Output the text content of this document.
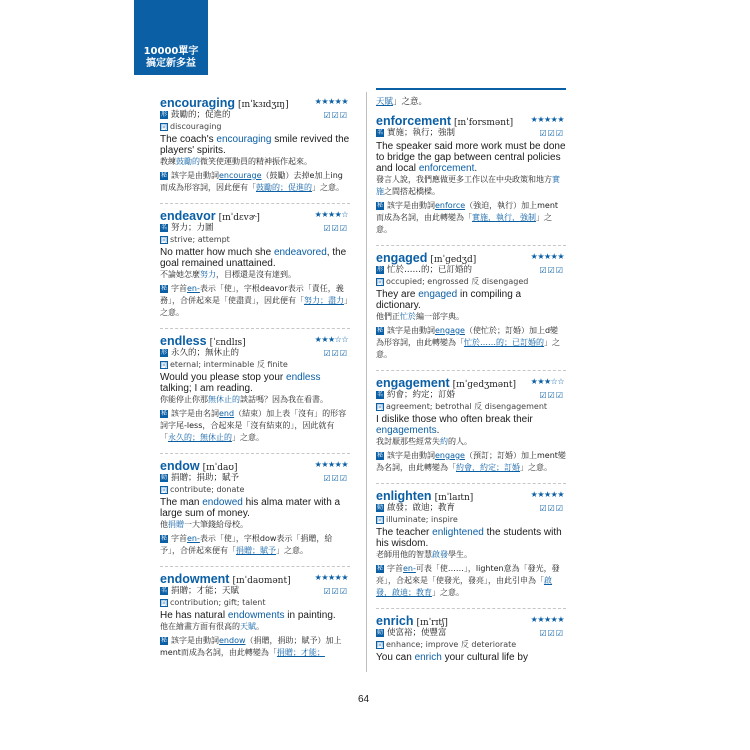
10000單字
搞定新多益
encouraging [ɪnˈkɜɪdʒɪŋ]	★★★★★
形 鼓勵的；促進的	☑☑☑
同 discouraging
The coach's encouraging smile revived the players' spirits.
教練鼓勵的微笑使運動員的精神振作起來。
秘 該字是由動詞encourage（鼓勵）去掉e加上ing而成為形容詞，因此便有「鼓勵的；促進的」之意。
endeavor [ɪnˈdɛvɚ]	★★★★☆
名 努力；力圖	☑☑☑
同 strive; attempt
No matter how much she endeavored, the goal remained unattained.
不論她怎麼努力，目標還是沒有達到。
秘 字首en-表示「使」，字根deavor表示「責任，義務」，合併起來是「使盡責」，因此便有「努力；盡力」之意。
endless [ˈɛndlɪs]	★★★☆☆
形 永久的；無休止的	☑☑☑
同 eternal; interminable 反 finite
Would you please stop your endless talking; I am reading.
你能停止你那無休止的談話嗎？因為我在看書。
秘 該字是由名詞end（結束）加上表「沒有」的形容詞字尾-less，合起來是「沒有結束的」，因此就有「永久的；無休止的」之意。
endow [ɪnˈdaʊ]	★★★★★
動 捐贈；捐助；賦予	☑☑☑
同 contribute; donate
The man endowed his alma mater with a large sum of money.
他捐贈一大筆錢給母校。
秘 字首en-表示「使」，字根dow表示「捐贈，給予」，合併起來便有「捐贈；賦予」之意。
endowment [ɪnˈdaʊmənt]	★★★★★
名 捐贈；才能；天賦	☑☑☑
同 contribution; gift; talent
He has natural endowments in painting.
他在繪畫方面有很高的天賦。
秘 該字是由動詞endow（捐贈，捐助；賦予）加上ment而成為名詞，由此轉變為「捐贈；才能；
天賦」之意。
enforcement [ɪnˈforsmənt] ★★★★★
名 實施；執行；強制	☑☑☑
The speaker said more work must be done to bridge the gap between central policies and local enforcement.
發言人說，我們應做更多工作以在中央政策和地方實施之間搭起橋樑。
秘 該字是由動詞enforce（強迫，執行）加上ment而成為名詞，由此轉變為「實施，執行，強制」之意。
engaged [ɪnˈgedʒd]	★★★★★
形 忙於……的；已訂婚的	☑☑☑
同 occupied; engrossed 反 disengaged
They are engaged in compiling a dictionary.
他們正忙於編一部字典。
秘 該字是由動詞engage（使忙於；訂婚）加上d變為形容詞，由此轉變為「忙於……的；已訂婚的」之意。
engagement [ɪnˈgedʒmənt] ★★★☆☆
名 約會；約定；訂婚	☑☑☑
同 agreement; betrothal 反 disengagement
I dislike those who often break their engagements.
我討厭那些經常失約的人。
秘 該字是由動詞engage（預訂；訂婚）加上ment變為名詞，由此轉變為「約會，約定；訂婚」之意。
enlighten [ɪnˈlaɪtn]	★★★★★
動 啟發；啟迪；教育	☑☑☑
同 illuminate; inspire
The teacher enlightened the students with his wisdom.
老師用他的智慧啟發學生。
秘 字首en-可表「使……」，lighten意為「發光，發亮」，合起來是「使發光，發亮」，由此引申為「啟發，啟迪；教育」之意。
enrich [ɪnˈrɪtʃ]	★★★★★
動 使富裕；使豐富	☑☑☑
同 enhance; improve 反 deteriorate
You can enrich your cultural life by
64
